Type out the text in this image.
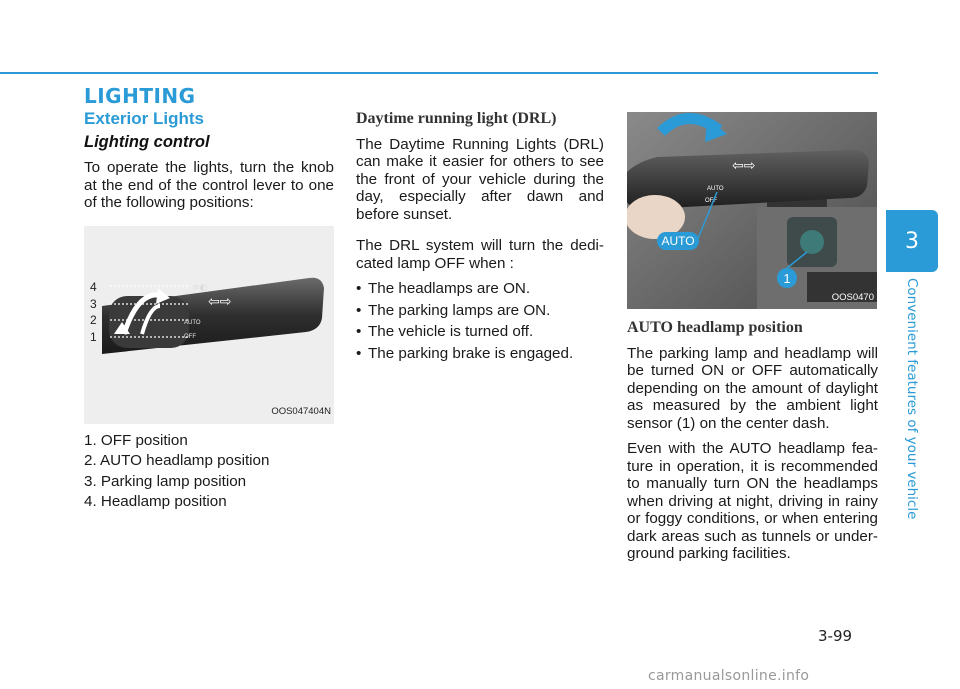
LIGHTING
Exterior Lights
Lighting control

To operate the lights, turn the knob at the end of the control lever to one of the following positions:

4
3
2
1	OFF
AUTO
⇦⇨
≡◐
OOS047404N
1. OFF position
2. AUTO headlamp position
3. Parking lamp position
4. Headlamp position
Daytime running light (DRL)

The Daytime Running Lights (DRL) can make it easier for others to see the front of your vehicle during the day, especially after dawn and before sunset.

The DRL system will turn the dedi-cated lamp OFF when :

• The headlamps are ON.
• The parking lamps are ON.
• The vehicle is turned off.
• The parking brake is engaged.
⇦⇨
OFF
AUTO
AUTO
1
OOS0470
AUTO headlamp position

The parking lamp and headlamp will be turned ON or OFF automatically depending on the amount of daylight as measured by the ambient light sensor (1) on the center dash.

Even with the AUTO headlamp fea-ture in operation, it is recommended to manually turn ON the headlamps when driving at night, driving in rainy or foggy conditions, or when entering dark areas such as tunnels or under-ground parking facilities.

3
Convenient features of your vehicle
3-99
carmanualsonline.info
